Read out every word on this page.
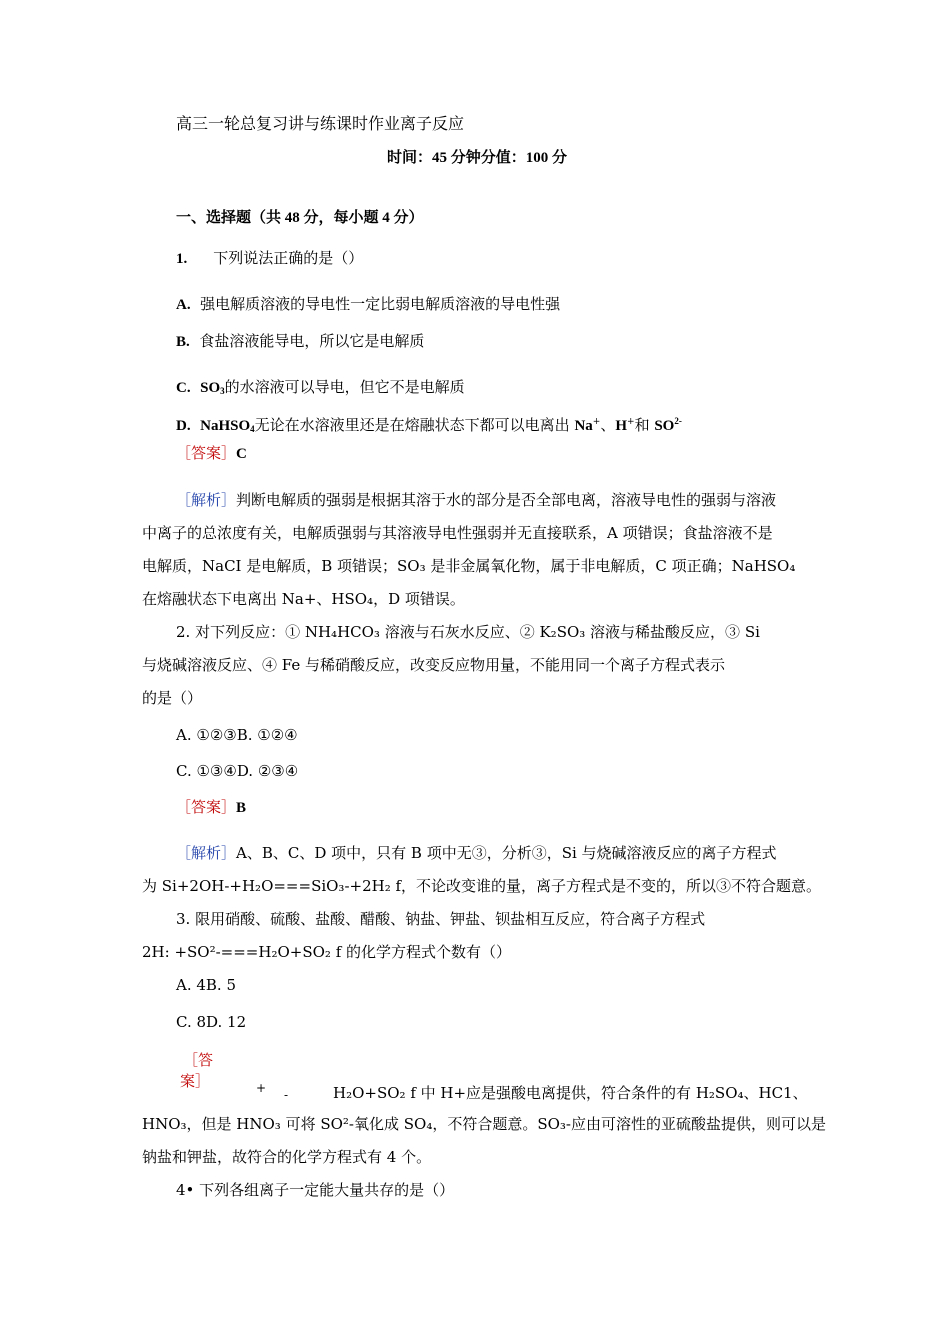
高三一轮总复习讲与练课时作业离子反应
时间：45 分钟分值：100 分
一、选择题（共 48 分，每小题 4 分）
1. 下列说法正确的是（）
A. 强电解质溶液的导电性一定比弱电解质溶液的导电性强
B. 食盐溶液能导电，所以它是电解质
C. SO3的水溶液可以导电，但它不是电解质
D. NaHSO4无论在水溶液里还是在熔融状态下都可以电离出 Na+、H+和 $SO^{2-}$
［答案］C
［解析］判断电解质的强弱是根据其溶于水的部分是否全部电离，溶液导电性的强弱与溶液
中离子的总浓度有关，电解质强弱与其溶液导电性强弱并无直接联系，A 项错误；食盐溶液不是
电解质，NaCI 是电解质，B 项错误；SO₃ 是非金属氧化物，属于非电解质，C 项正确；NaHSO₄
在熔融状态下电离出 Na+、HSO₄，D 项错误。
2. 对下列反应：① NH₄HCO₃ 溶液与石灰水反应、② K₂SO₃ 溶液与稀盐酸反应，③ Si
与烧碱溶液反应、④ Fe 与稀硝酸反应，改变反应物用量，不能用同一个离子方程式表示
的是（）
A. ①②③B. ①②④
C. ①③④D. ②③④
［答案］B
［解析］A、B、C、D 项中，只有 B 项中无③，分析③，Si 与烧碱溶液反应的离子方程式
为 Si+2OH-+H₂O===SiO₃-+2H₂ f，不论改变谁的量，离子方程式是不变的，所以③不符合题意。
3. 限用硝酸、硫酸、盐酸、醋酸、钠盐、钾盐、钡盐相互反应，符合离子方程式
2H: +SO²-===H₂O+SO₂ f 的化学方程式个数有（）
A. 4B. 5
C. 8D. 12
［答
案］	+ -	H₂O+SO₂ f 中 H+应是强酸电离提供，符合条件的有 H₂SO₄、HC1、
HNO₃，但是 HNO₃ 可将 SO²-氧化成 SO₄，不符合题意。SO₃-应由可溶性的亚硫酸盐提供，则可以是
钠盐和钾盐，故符合的化学方程式有 4 个。
4• 下列各组离子一定能大量共存的是（）
